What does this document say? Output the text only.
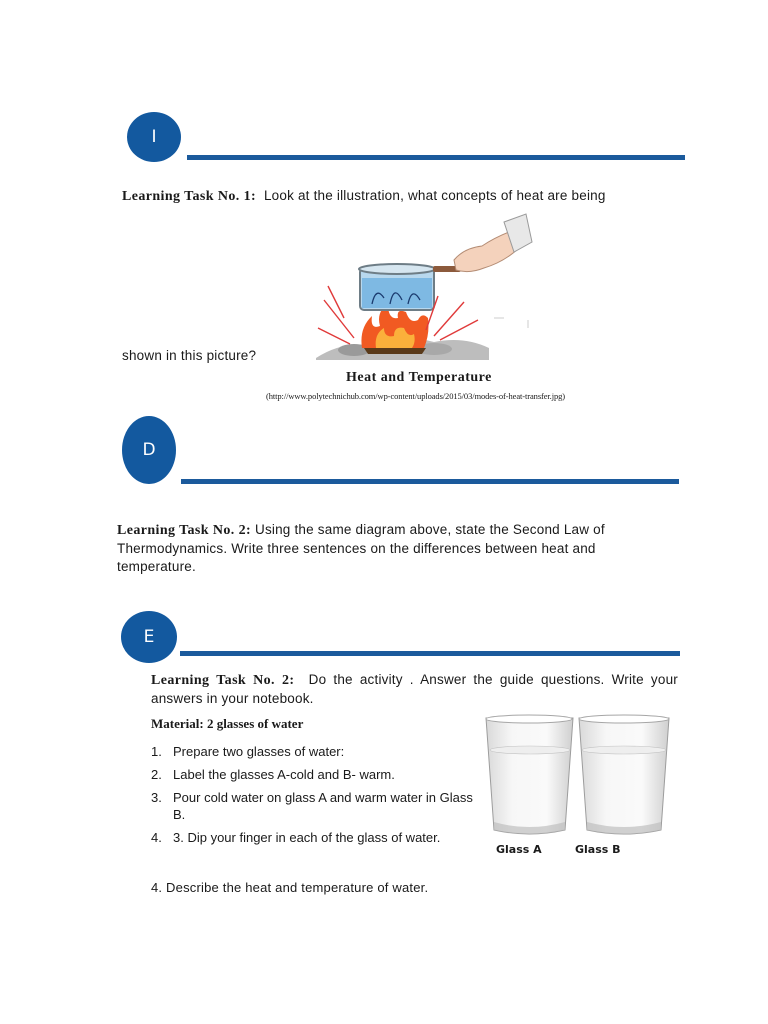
I
Learning Task No. 1: Look at the illustration, what concepts of heat are being
shown in this picture?
Heat and Temperature
(http://www.polytechnichub.com/wp-content/uploads/2015/03/modes-of-heat-transfer.jpg)
D
Learning Task No. 2: Using the same diagram above, state the Second Law of Thermodynamics. Write three sentences on the differences between heat and temperature.
E
Learning Task No. 2: Do the activity . Answer the guide questions. Write your answers in your notebook.
Material: 2 glasses of water
1. Prepare two glasses of water:
2. Label the glasses A-cold and B- warm.
3. Pour cold water on glass A and warm water in Glass B.
4. 3. Dip your finger in each of the glass of water.
4. Describe the heat and temperature of water.
Glass A	Glass B
